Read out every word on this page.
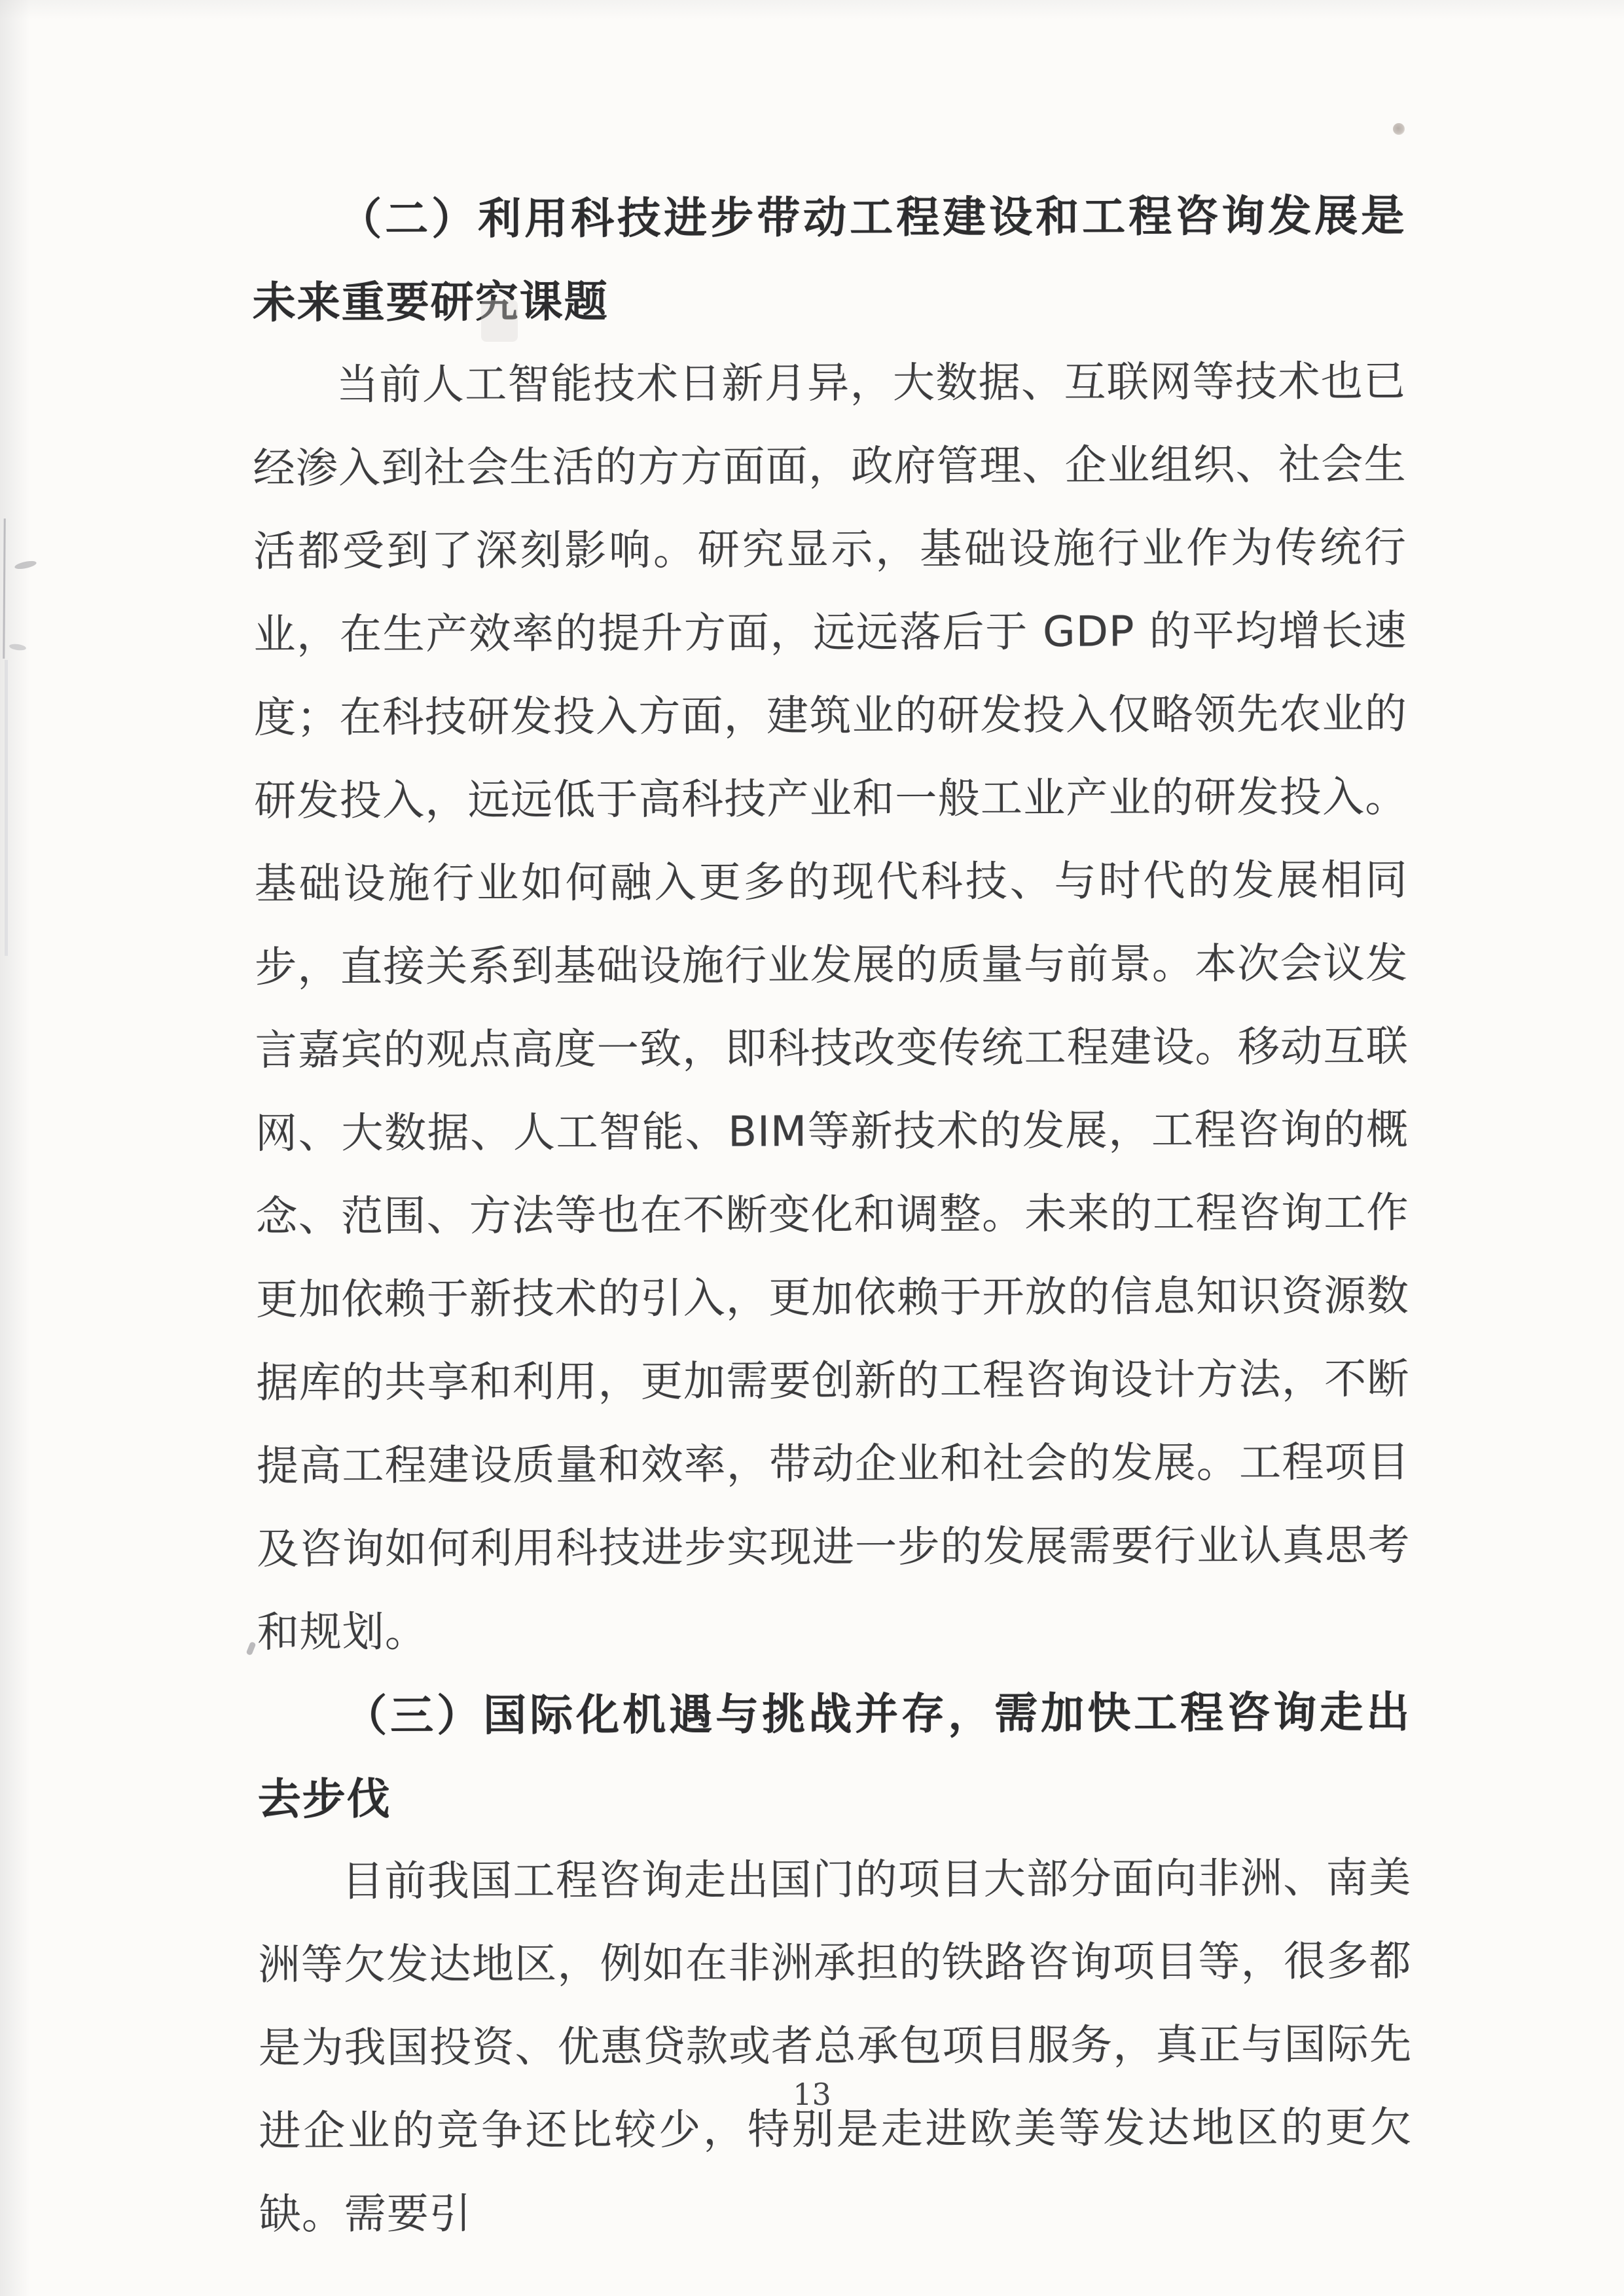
（二）利用科技进步带动工程建设和工程咨询发展是未来重要研究课题

当前人工智能技术日新月异，大数据、互联网等技术也已经渗入到社会生活的方方面面，政府管理、企业组织、社会生活都受到了深刻影响。研究显示，基础设施行业作为传统行业，在生产效率的提升方面，远远落后于 GDP 的平均增长速度；在科技研发投入方面，建筑业的研发投入仅略领先农业的研发投入，远远低于高科技产业和一般工业产业的研发投入。基础设施行业如何融入更多的现代科技、与时代的发展相同步，直接关系到基础设施行业发展的质量与前景。本次会议发言嘉宾的观点高度一致，即科技改变传统工程建设。移动互联网、大数据、人工智能、BIM等新技术的发展，工程咨询的概念、范围、方法等也在不断变化和调整。未来的工程咨询工作更加依赖于新技术的引入，更加依赖于开放的信息知识资源数据库的共享和利用，更加需要创新的工程咨询设计方法，不断提高工程建设质量和效率，带动企业和社会的发展。工程项目及咨询如何利用科技进步实现进一步的发展需要行业认真思考和规划。

（三）国际化机遇与挑战并存，需加快工程咨询走出去步伐

目前我国工程咨询走出国门的项目大部分面向非洲、南美洲等欠发达地区，例如在非洲承担的铁路咨询项目等，很多都是为我国投资、优惠贷款或者总承包项目服务，真正与国际先进企业的竞争还比较少，特别是走进欧美等发达地区的更欠缺。需要引

13
